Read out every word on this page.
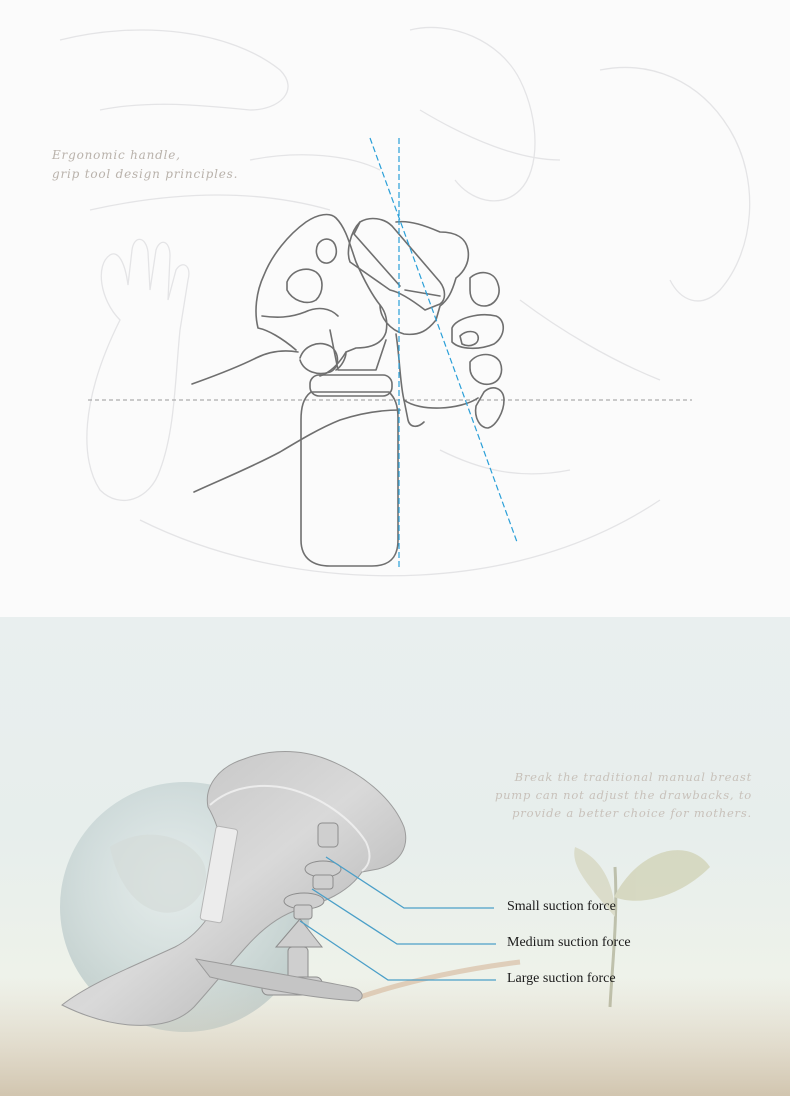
Ergonomic handle,
grip tool design principles.

Break the traditional manual breast
pump can not adjust the drawbacks, to
provide a better choice for mothers.

Small suction force
Medium suction force
Large suction force
